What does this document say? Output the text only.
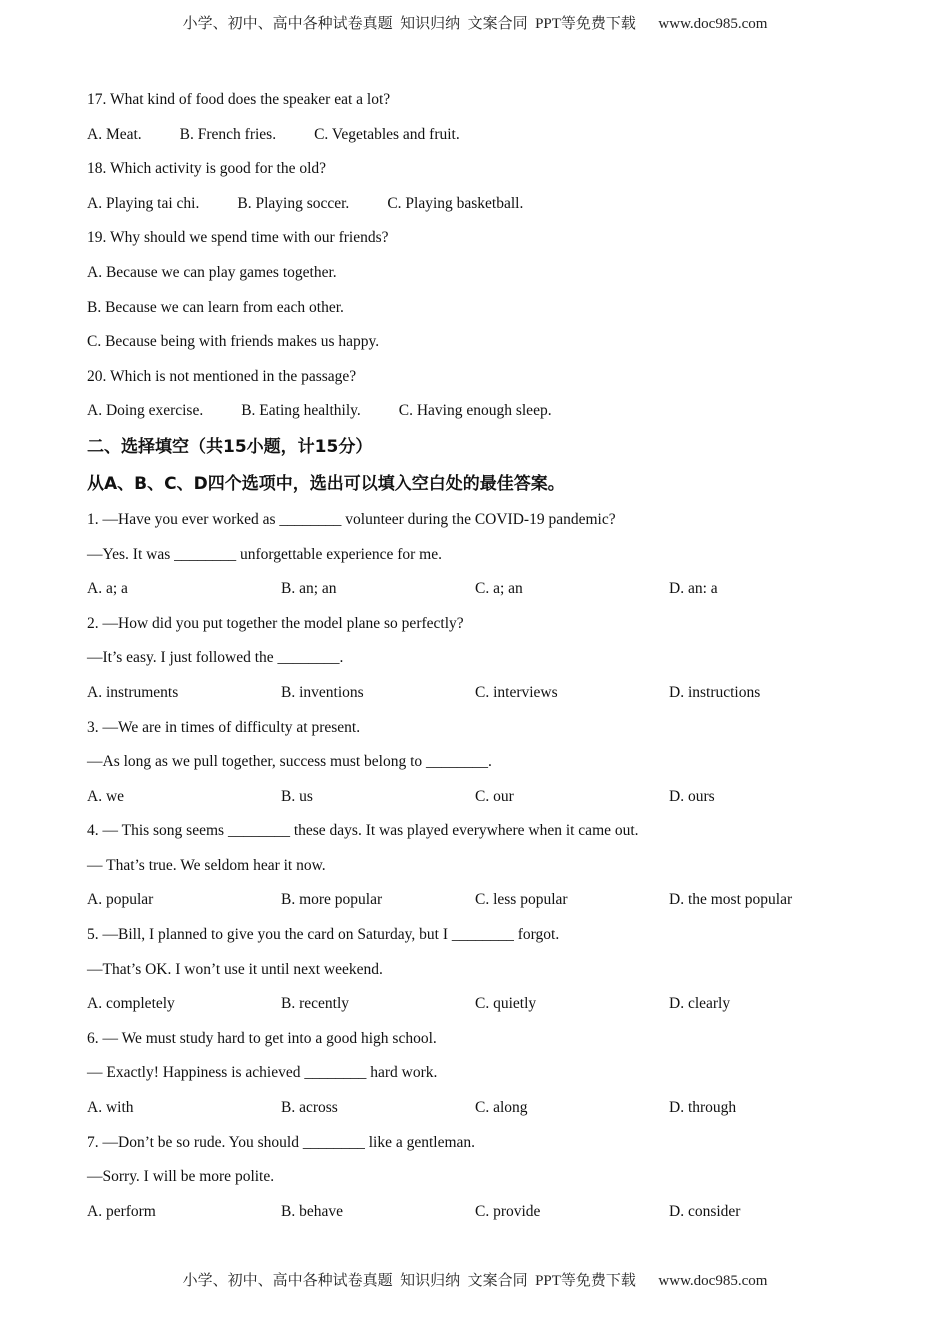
小学、初中、高中各种试卷真题  知识归纳  文案合同  PPT等免费下载      www.doc985.com
17. What kind of food does the speaker eat a lot?
A. Meat. B. French fries. C. Vegetables and fruit.
18. Which activity is good for the old?
A. Playing tai chi. B. Playing soccer. C. Playing basketball.
19. Why should we spend time with our friends?
A. Because we can play games together.
B. Because we can learn from each other.
C. Because being with friends makes us happy.
20. Which is not mentioned in the passage?
A. Doing exercise. B. Eating healthily. C. Having enough sleep.
二、选择填空（共15小题，计15分）
从A、B、C、D四个选项中，选出可以填入空白处的最佳答案。
1. —Have you ever worked as ________ volunteer during the COVID-19 pandemic?
—Yes. It was ________ unforgettable experience for me.
A. a; a	B. an; an	C. a; an	D. an: a
2. —How did you put together the model plane so perfectly?
—It’s easy. I just followed the ________.
A. instruments	B. inventions	C. interviews	D. instructions
3. —We are in times of difficulty at present.
—As long as we pull together, success must belong to ________.
A. we	B. us	C. our	D. ours
4. — This song seems ________ these days. It was played everywhere when it came out.
— That’s true. We seldom hear it now.
A. popular	B. more popular	C. less popular	D. the most popular
5. —Bill, I planned to give you the card on Saturday, but I ________ forgot.
—That’s OK. I won’t use it until next weekend.
A. completely	B. recently	C. quietly	D. clearly
6. — We must study hard to get into a good high school.
— Exactly! Happiness is achieved ________ hard work.
A. with	B. across	C. along	D. through
7. —Don’t be so rude. You should ________ like a gentleman.
—Sorry. I will be more polite.
A. perform	B. behave	C. provide	D. consider
小学、初中、高中各种试卷真题  知识归纳  文案合同  PPT等免费下载      www.doc985.com
